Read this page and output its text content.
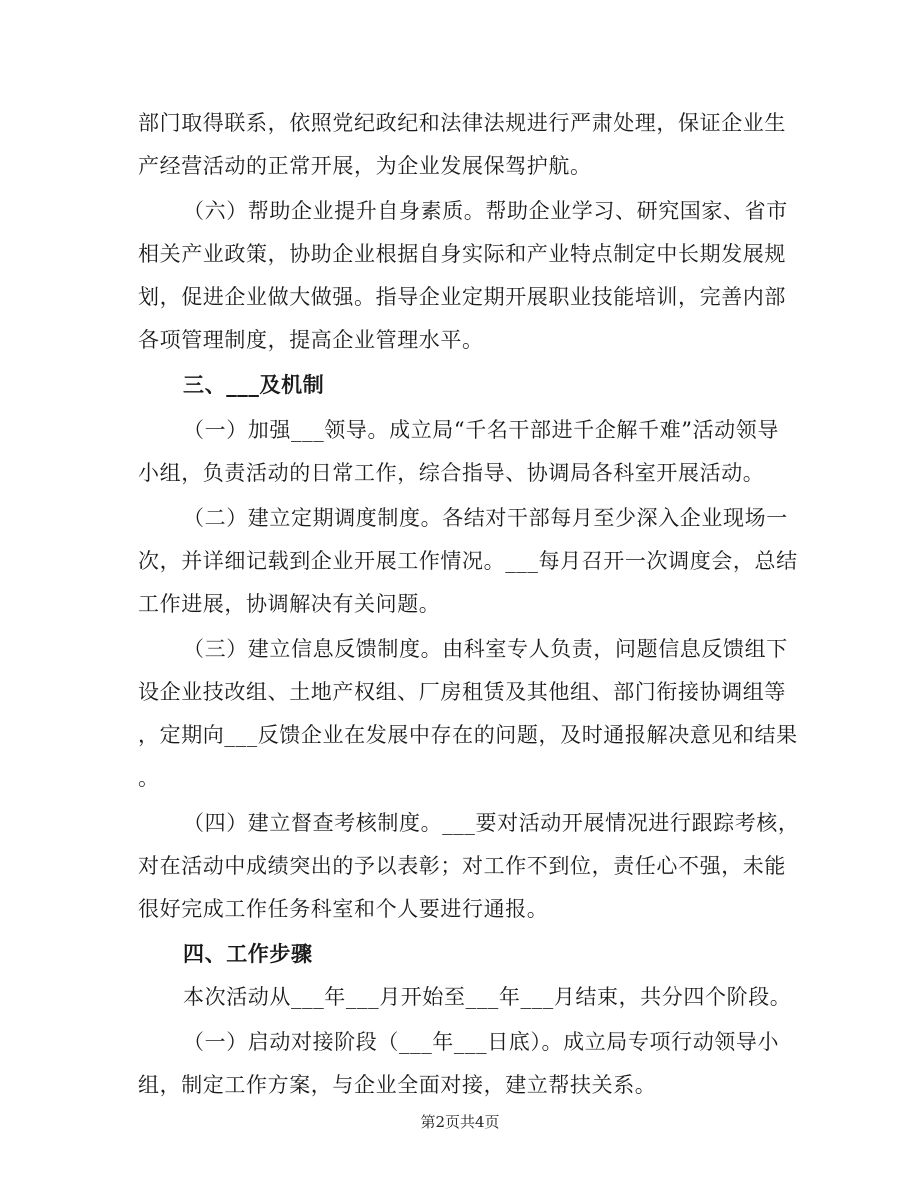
部门取得联系，依照党纪政纪和法律法规进行严肃处理，保证企业生
产经营活动的正常开展，为企业发展保驾护航。
（六）帮助企业提升自身素质。帮助企业学习、研究国家、省市
相关产业政策，协助企业根据自身实际和产业特点制定中长期发展规
划，促进企业做大做强。指导企业定期开展职业技能培训，完善内部
各项管理制度，提高企业管理水平。
三、___及机制
（一）加强___领导。成立局“千名干部进千企解千难”活动领导
小组，负责活动的日常工作，综合指导、协调局各科室开展活动。
（二）建立定期调度制度。各结对干部每月至少深入企业现场一
次，并详细记载到企业开展工作情况。___每月召开一次调度会，总结
工作进展，协调解决有关问题。
（三）建立信息反馈制度。由科室专人负责，问题信息反馈组下
设企业技改组、土地产权组、厂房租赁及其他组、部门衔接协调组等
，定期向___反馈企业在发展中存在的问题，及时通报解决意见和结果
。
（四）建立督查考核制度。___要对活动开展情况进行跟踪考核，
对在活动中成绩突出的予以表彰；对工作不到位，责任心不强，未能
很好完成工作任务科室和个人要进行通报。
四、工作步骤
本次活动从___年___月开始至___年___月结束，共分四个阶段。
（一）启动对接阶段（___年___日底）。成立局专项行动领导小
组，制定工作方案，与企业全面对接，建立帮扶关系。
第2页共4页
